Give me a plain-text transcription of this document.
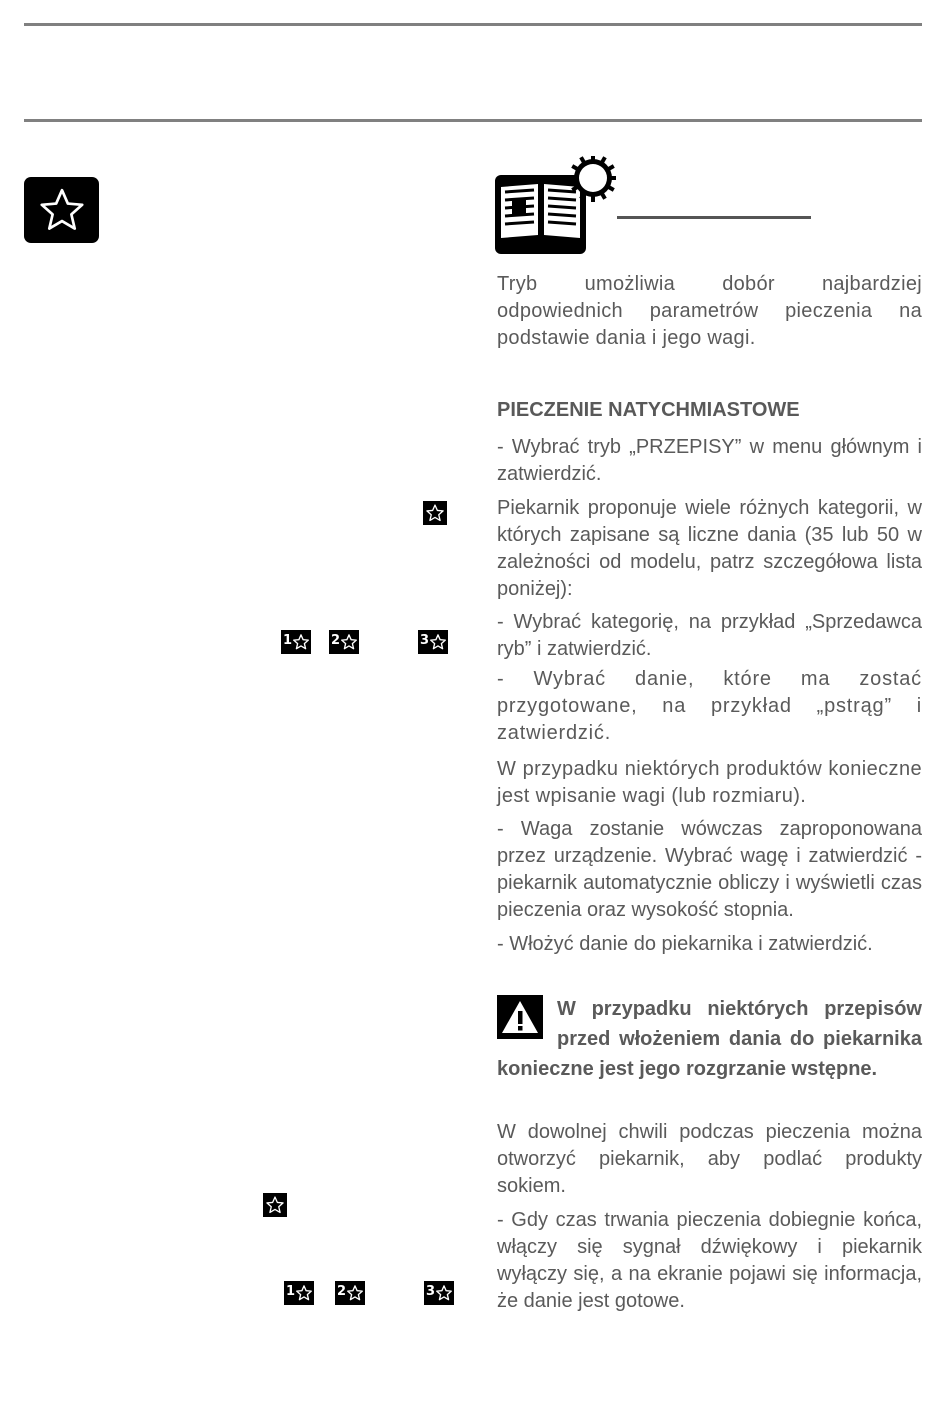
1	2	3
1	2	3
Tryb umożliwia dobór najbardziej odpowiednich parametrów pieczenia na podstawie dania i jego wagi.
PIECZENIE NATYCHMIASTOWE
- Wybrać tryb „PRZEPISY” w menu głównym i zatwierdzić.
Piekarnik proponuje wiele różnych kategorii, w których zapisane są liczne dania (35 lub 50 w zależności od modelu, patrz szczegółowa lista poniżej):
- Wybrać kategorię, na przykład „Sprzedawca ryb” i zatwierdzić.
- Wybrać danie, które ma zostać przygotowane, na przykład „pstrąg” i zatwierdzić.
W przypadku niektórych produktów konieczne jest wpisanie wagi (lub rozmiaru).
- Waga zostanie wówczas zaproponowana przez urządzenie. Wybrać wagę i zatwierdzić - piekarnik automatycznie obliczy i wyświetli czas pieczenia oraz wysokość stopnia.
- Włożyć danie do piekarnika i zatwierdzić.
W przypadku niektórych przepisów przed włożeniem dania do piekarnika konieczne jest jego rozgrzanie wstępne.
W dowolnej chwili podczas pieczenia można otworzyć piekarnik, aby podlać produkty sokiem.
- Gdy czas trwania pieczenia dobiegnie końca, włączy się sygnał dźwiękowy i piekarnik wyłączy się, a na ekranie pojawi się informacja, że danie jest gotowe.
